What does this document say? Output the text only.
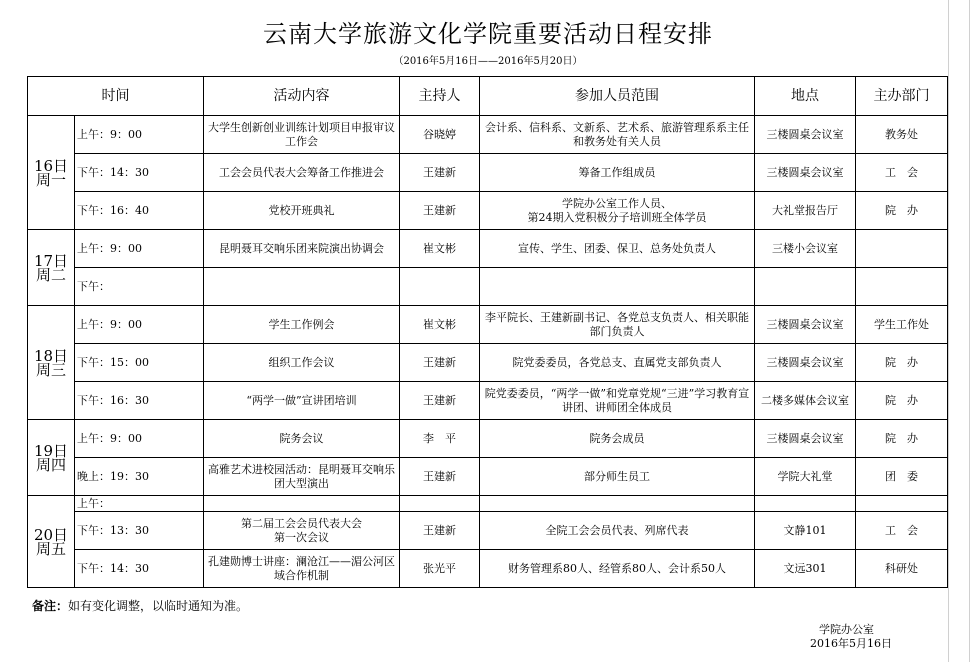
云南大学旅游文化学院重要活动日程安排
（2016年5月16日——2016年5月20日）
时间		活动内容	主持人	参加人员范围	地点	主办部门

16日
周一	上午：9：00	大学生创新创业训练计划项目申报审议工作会	谷晓婷	会计系、信科系、文新系、艺术系、旅游管理系系主任和教务处有关人员	三楼圆桌会议室	教务处
	下午：14：30	工会会员代表大会筹备工作推进会	王建新	筹备工作组成员	三楼圆桌会议室	工　会
	下午：16：40	党校开班典礼	王建新	学院办公室工作人员、
第24期入党积极分子培训班全体学员	大礼堂报告厅	院　办

17日
周二	上午：9：00	昆明聂耳交响乐团来院演出协调会	崔文彬	宣传、学生、团委、保卫、总务处负责人	三楼小会议室	
	下午：					

18日
周三	上午：9：00	学生工作例会	崔文彬	李平院长、王建新副书记、各党总支负责人、相关职能部门负责人	三楼圆桌会议室	学生工作处
	下午：15：00	组织工作会议	王建新	院党委委员，各党总支、直属党支部负责人	三楼圆桌会议室	院　办
	下午：16：30	“两学一做”宣讲团培训	王建新	院党委委员，“两学一做”和党章党规“三进”学习教育宣讲团、讲师团全体成员	二楼多媒体会议室	院　办

19日
周四	上午：9：00	院务会议	李　平	院务会成员	三楼圆桌会议室	院　办
	晚上：19：30	高雅艺术进校园活动：昆明聂耳交响乐团大型演出	王建新	部分师生员工	学院大礼堂	团　委

20日
周五	上午：					
	下午：13：30	第二届工会会员代表大会
第一次会议	王建新	全院工会会员代表、列席代表	文静101	工　会
	下午：14：30	孔建勋博士讲座：澜沧江——湄公河区域合作机制	张光平	财务管理系80人、经管系80人、会计系50人	文远301	科研处
备注：如有变化调整，以临时通知为准。
学院办公室
2016年5月16日
